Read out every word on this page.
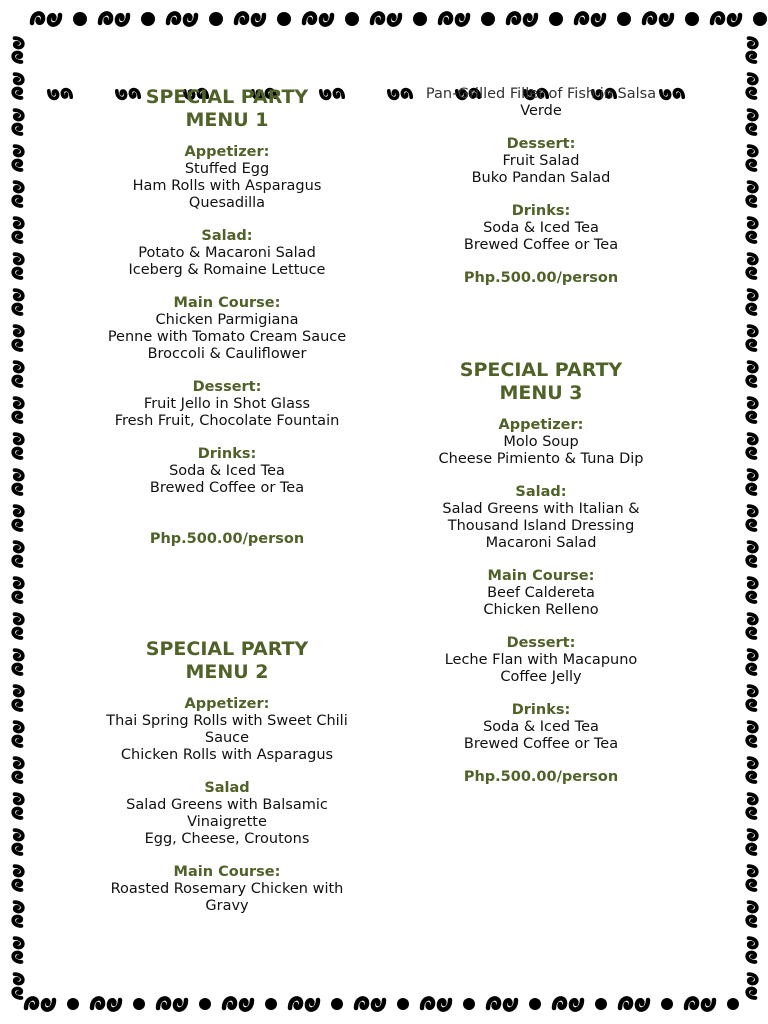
SPECIAL PARTY
MENU 1
Appetizer:
Stuffed Egg
Ham Rolls with Asparagus
Quesadilla
Salad:
Potato & Macaroni Salad
Iceberg & Romaine Lettuce
Main Course:
Chicken Parmigiana
Penne with Tomato Cream Sauce
Broccoli & Cauliflower
Dessert:
Fruit Jello in Shot Glass
Fresh Fruit, Chocolate Fountain
Drinks:
Soda & Iced Tea
Brewed Coffee or Tea
Php.500.00/person
SPECIAL PARTY
MENU 2
Appetizer:
Thai Spring Rolls with Sweet Chili
Sauce
Chicken Rolls with Asparagus
Salad
Salad Greens with Balsamic
Vinaigrette
Egg, Cheese, Croutons
Main Course:
Roasted Rosemary Chicken with
Gravy
Pan-Grilled Fillet of Fish in Salsa
Verde
Dessert:
Fruit Salad
Buko Pandan Salad
Drinks:
Soda & Iced Tea
Brewed Coffee or Tea
Php.500.00/person
SPECIAL PARTY
MENU 3
Appetizer:
Molo Soup
Cheese Pimiento & Tuna Dip
Salad:
Salad Greens with Italian &
Thousand Island Dressing
Macaroni Salad
Main Course:
Beef Caldereta
Chicken Relleno
Dessert:
Leche Flan with Macapuno
Coffee Jelly
Drinks:
Soda & Iced Tea
Brewed Coffee or Tea
Php.500.00/person
